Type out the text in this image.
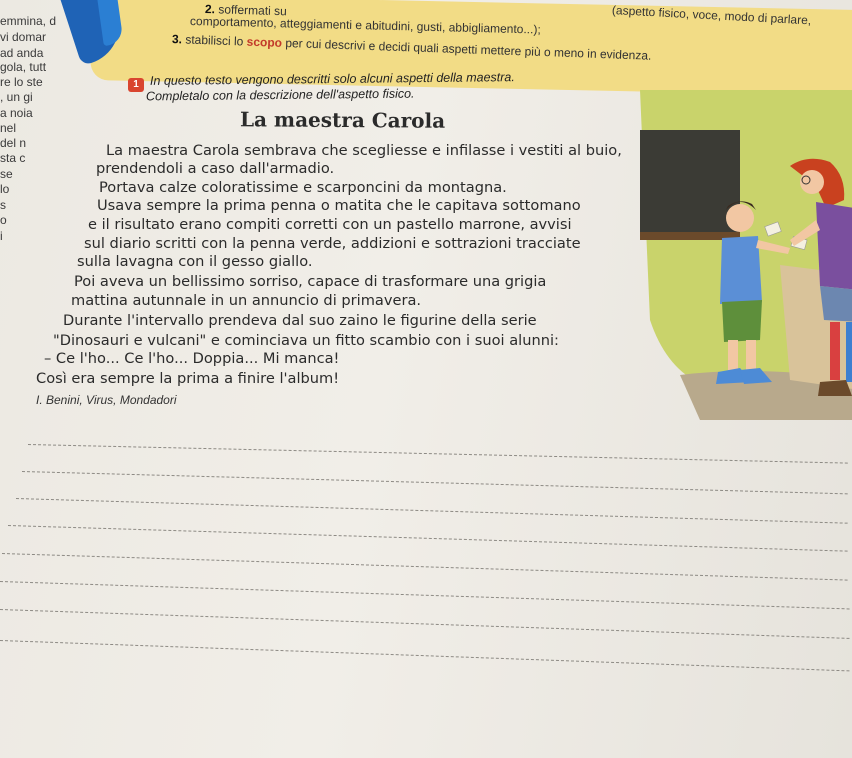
emmina, d
vi domar
ad anda
gola, tutt
re lo ste
, un gi
a noia
nel
del n
sta c
se
lo
s
o
i
2. soffermati su	(aspetto fisico, voce, modo di parlare,
comportamento, atteggiamenti e abitudini, gusti, abbigliamento...);
3. stabilisci lo scopo per cui descrivi e decidi quali aspetti mettere più o meno in evidenza.
1 In questo testo vengono descritti solo alcuni aspetti della maestra.
Completalo con la descrizione dell'aspetto fisico.
La maestra Carola
La maestra Carola sembrava che scegliesse e infilasse i vestiti al buio,
prendendoli a caso dall'armadio.
Portava calze coloratissime e scarponcini da montagna.
Usava sempre la prima penna o matita che le capitava sottomano
e il risultato erano compiti corretti con un pastello marrone, avvisi
sul diario scritti con la penna verde, addizioni e sottrazioni tracciate
sulla lavagna con il gesso giallo.
Poi aveva un bellissimo sorriso, capace di trasformare una grigia
mattina autunnale in un annuncio di primavera.
Durante l'intervallo prendeva dal suo zaino le figurine della serie
"Dinosauri e vulcani" e cominciava un fitto scambio con i suoi alunni:
– Ce l'ho... Ce l'ho... Doppia... Mi manca!
Così era sempre la prima a finire l'album!
I. Benini, Virus, Mondadori
